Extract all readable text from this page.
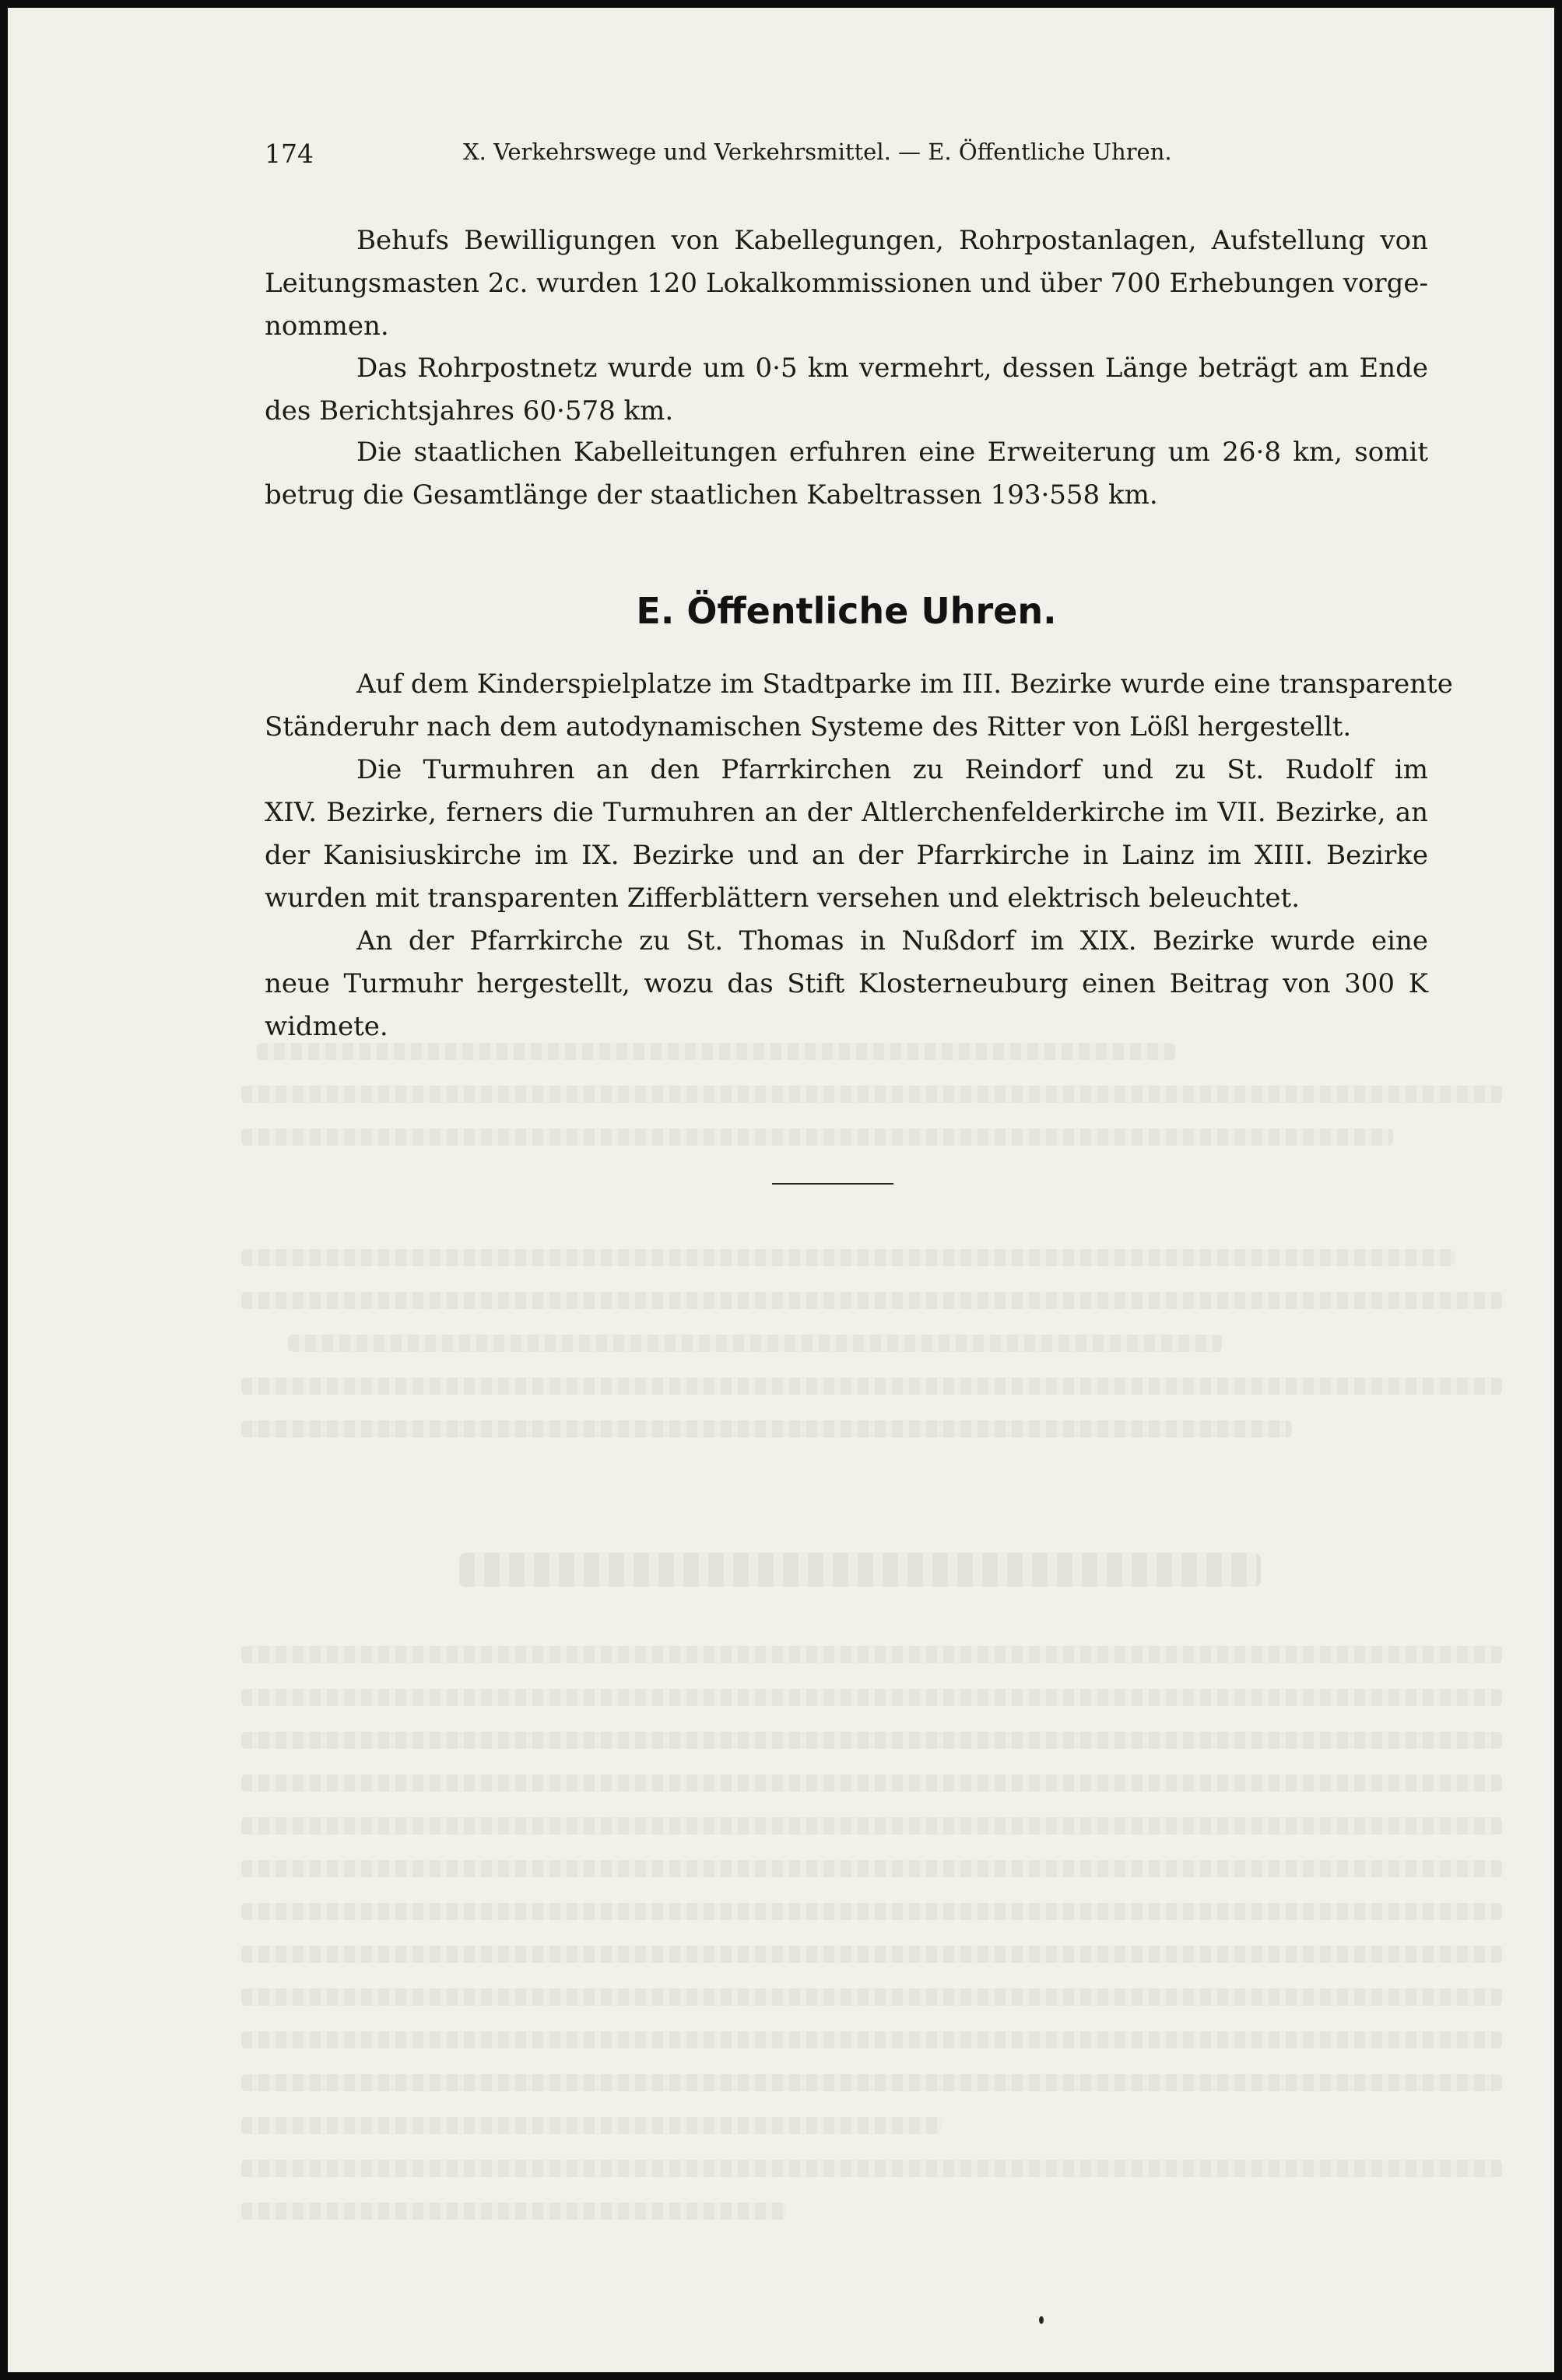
174	X. Verkehrswege und Verkehrsmittel. — E. Öffentliche Uhren.
Behufs Bewilligungen von Kabellegungen, Rohrpostanlagen, Aufstellung von
Leitungsmasten 2c. wurden 120 Lokalkommissionen und über 700 Erhebungen vorge-
nommen.
Das Rohrpostnetz wurde um 0·5 km vermehrt, dessen Länge beträgt am Ende
des Berichtsjahres 60·578 km.
Die staatlichen Kabelleitungen erfuhren eine Erweiterung um 26·8 km, somit
betrug die Gesamtlänge der staatlichen Kabeltrassen 193·558 km.
E. Öffentliche Uhren.
Auf dem Kinderspielplatze im Stadtparke im III. Bezirke wurde eine transparente
Ständeruhr nach dem autodynamischen Systeme des Ritter von Lößl hergestellt.
Die Turmuhren an den Pfarrkirchen zu Reindorf und zu St. Rudolf im
XIV. Bezirke, ferners die Turmuhren an der Altlerchenfelderkirche im VII. Bezirke, an
der Kanisiuskirche im IX. Bezirke und an der Pfarrkirche in Lainz im XIII. Bezirke
wurden mit transparenten Zifferblättern versehen und elektrisch beleuchtet.
An der Pfarrkirche zu St. Thomas in Nußdorf im XIX. Bezirke wurde eine
neue Turmuhr hergestellt, wozu das Stift Klosterneuburg einen Beitrag von 300 K
widmete.
